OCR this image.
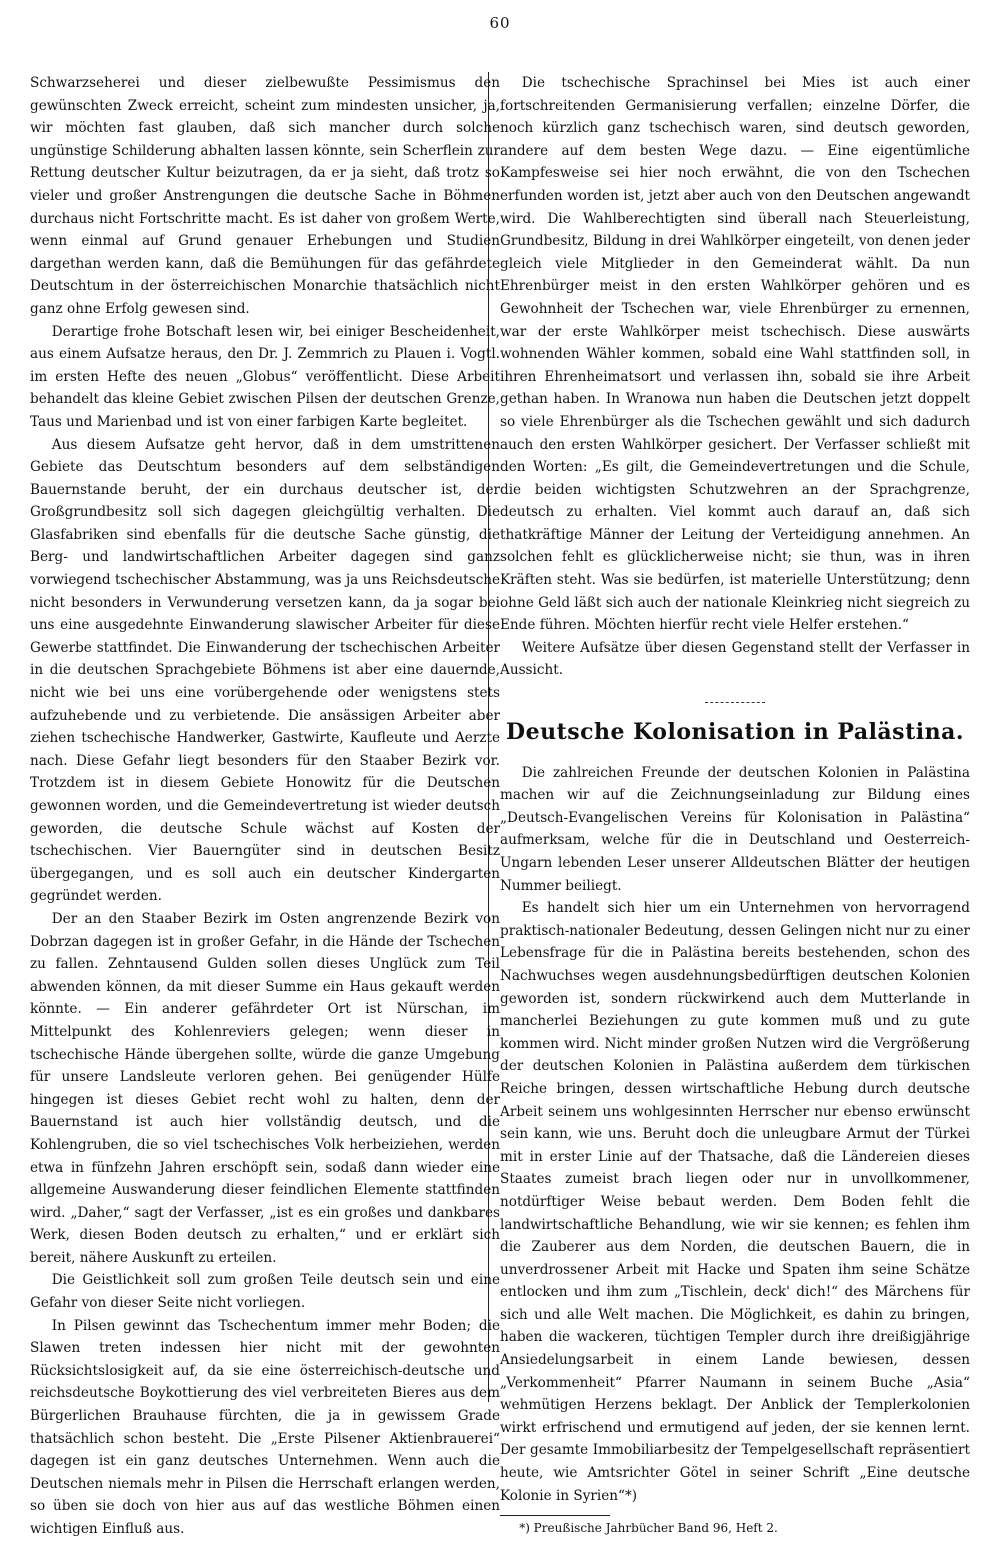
60

Schwarzseherei und dieser zielbewußte Pessimismus den gewünschten Zweck erreicht, scheint zum mindesten unsicher, ja, wir möchten fast glauben, daß sich mancher durch solche ungünstige Schilderung abhalten lassen könnte, sein Scherflein zur Rettung deutscher Kultur beizutragen, da er ja sieht, daß trotz so vieler und großer Anstrengungen die deutsche Sache in Böhmen durchaus nicht Fortschritte macht. Es ist daher von großem Werte, wenn einmal auf Grund genauer Erhebungen und Studien dargethan werden kann, daß die Bemühungen für das gefährdete Deutschtum in der österreichischen Monarchie thatsächlich nicht ganz ohne Erfolg gewesen sind.

Derartige frohe Botschaft lesen wir, bei einiger Bescheidenheit, aus einem Aufsatze heraus, den Dr. J. Zemmrich zu Plauen i. Vogtl. im ersten Hefte des neuen „Globus“ veröffentlicht. Diese Arbeit behandelt das kleine Gebiet zwischen Pilsen der deutschen Grenze, Taus und Marienbad und ist von einer farbigen Karte begleitet.

Aus diesem Aufsatze geht hervor, daß in dem umstrittenen Gebiete das Deutschtum besonders auf dem selbständigen Bauernstande beruht, der ein durchaus deutscher ist, der Großgrundbesitz soll sich dagegen gleichgültig verhalten. Die Glasfabriken sind ebenfalls für die deutsche Sache günstig, die Berg- und landwirtschaftlichen Arbeiter dagegen sind ganz vorwiegend tschechischer Abstammung, was ja uns Reichsdeutsche nicht besonders in Verwunderung versetzen kann, da ja sogar bei uns eine ausgedehnte Einwanderung slawischer Arbeiter für diese Gewerbe stattfindet. Die Einwanderung der tschechischen Arbeiter in die deutschen Sprachgebiete Böhmens ist aber eine dauernde, nicht wie bei uns eine vorübergehende oder wenigstens stets aufzuhebende und zu verbietende. Die ansässigen Arbeiter aber ziehen tschechische Handwerker, Gastwirte, Kaufleute und Aerzte nach. Diese Gefahr liegt besonders für den Staaber Bezirk vor. Trotzdem ist in diesem Gebiete Honowitz für die Deutschen gewonnen worden, und die Gemeindevertretung ist wieder deutsch geworden, die deutsche Schule wächst auf Kosten der tschechischen. Vier Bauerngüter sind in deutschen Besitz übergegangen, und es soll auch ein deutscher Kindergarten gegründet werden.

Der an den Staaber Bezirk im Osten angrenzende Bezirk von Dobrzan dagegen ist in großer Gefahr, in die Hände der Tschechen zu fallen. Zehntausend Gulden sollen dieses Unglück zum Teil abwenden können, da mit dieser Summe ein Haus gekauft werden könnte. — Ein anderer gefährdeter Ort ist Nürschan, im Mittelpunkt des Kohlenreviers gelegen; wenn dieser in tschechische Hände übergehen sollte, würde die ganze Umgebung für unsere Landsleute verloren gehen. Bei genügender Hülfe hingegen ist dieses Gebiet recht wohl zu halten, denn der Bauernstand ist auch hier vollständig deutsch, und die Kohlengruben, die so viel tschechisches Volk herbeiziehen, werden etwa in fünfzehn Jahren erschöpft sein, sodaß dann wieder eine allgemeine Auswanderung dieser feindlichen Elemente stattfinden wird. „Daher,“ sagt der Verfasser, „ist es ein großes und dankbares Werk, diesen Boden deutsch zu erhalten,“ und er erklärt sich bereit, nähere Auskunft zu erteilen.

Die Geistlichkeit soll zum großen Teile deutsch sein und eine Gefahr von dieser Seite nicht vorliegen.

In Pilsen gewinnt das Tschechentum immer mehr Boden; die Slawen treten indessen hier nicht mit der gewohnten Rücksichtslosigkeit auf, da sie eine österreichisch-deutsche und reichsdeutsche Boykottierung des viel verbreiteten Bieres aus dem Bürgerlichen Brauhause fürchten, die ja in gewissem Grade thatsächlich schon besteht. Die „Erste Pilsener Aktienbrauerei“ dagegen ist ein ganz deutsches Unternehmen. Wenn auch die Deutschen niemals mehr in Pilsen die Herrschaft erlangen werden, so üben sie doch von hier aus auf das westliche Böhmen einen wichtigen Einfluß aus.

Die tschechische Sprachinsel bei Mies ist auch einer fortschreitenden Germanisierung verfallen; einzelne Dörfer, die noch kürzlich ganz tschechisch waren, sind deutsch geworden, andere auf dem besten Wege dazu. — Eine eigentümliche Kampfesweise sei hier noch erwähnt, die von den Tschechen erfunden worden ist, jetzt aber auch von den Deutschen angewandt wird. Die Wahlberechtigten sind überall nach Steuerleistung, Grundbesitz, Bildung in drei Wahlkörper eingeteilt, von denen jeder gleich viele Mitglieder in den Gemeinderat wählt. Da nun Ehrenbürger meist in den ersten Wahlkörper gehören und es Gewohnheit der Tschechen war, viele Ehrenbürger zu ernennen, war der erste Wahlkörper meist tschechisch. Diese auswärts wohnenden Wähler kommen, sobald eine Wahl stattfinden soll, in ihren Ehrenheimatsort und verlassen ihn, sobald sie ihre Arbeit gethan haben. In Wranowa nun haben die Deutschen jetzt doppelt so viele Ehrenbürger als die Tschechen gewählt und sich dadurch auch den ersten Wahlkörper gesichert. Der Verfasser schließt mit den Worten: „Es gilt, die Gemeindevertretungen und die Schule, die beiden wichtigsten Schutzwehren an der Sprachgrenze, deutsch zu erhalten. Viel kommt auch darauf an, daß sich thatkräftige Männer der Leitung der Verteidigung annehmen. An solchen fehlt es glücklicherweise nicht; sie thun, was in ihren Kräften steht. Was sie bedürfen, ist materielle Unterstützung; denn ohne Geld läßt sich auch der nationale Kleinkrieg nicht siegreich zu Ende führen. Möchten hierfür recht viele Helfer erstehen.“

Weitere Aufsätze über diesen Gegenstand stellt der Verfasser in Aussicht.

Deutsche Kolonisation in Palästina.

Die zahlreichen Freunde der deutschen Kolonien in Palästina machen wir auf die Zeichnungseinladung zur Bildung eines „Deutsch-Evangelischen Vereins für Kolonisation in Palästina“ aufmerksam, welche für die in Deutschland und Oesterreich-Ungarn lebenden Leser unserer Alldeutschen Blätter der heutigen Nummer beiliegt.

Es handelt sich hier um ein Unternehmen von hervorragend praktisch-nationaler Bedeutung, dessen Gelingen nicht nur zu einer Lebensfrage für die in Palästina bereits bestehenden, schon des Nachwuchses wegen ausdehnungsbedürftigen deutschen Kolonien geworden ist, sondern rückwirkend auch dem Mutterlande in mancherlei Beziehungen zu gute kommen muß und zu gute kommen wird. Nicht minder großen Nutzen wird die Vergrößerung der deutschen Kolonien in Palästina außerdem dem türkischen Reiche bringen, dessen wirtschaftliche Hebung durch deutsche Arbeit seinem uns wohlgesinnten Herrscher nur ebenso erwünscht sein kann, wie uns. Beruht doch die unleugbare Armut der Türkei mit in erster Linie auf der Thatsache, daß die Ländereien dieses Staates zumeist brach liegen oder nur in unvollkommener, notdürftiger Weise bebaut werden. Dem Boden fehlt die landwirtschaftliche Behandlung, wie wir sie kennen; es fehlen ihm die Zauberer aus dem Norden, die deutschen Bauern, die in unverdrossener Arbeit mit Hacke und Spaten ihm seine Schätze entlocken und ihm zum „Tischlein, deck' dich!“ des Märchens für sich und alle Welt machen. Die Möglichkeit, es dahin zu bringen, haben die wackeren, tüchtigen Templer durch ihre dreißigjährige Ansiedelungsarbeit in einem Lande bewiesen, dessen „Verkommenheit“ Pfarrer Naumann in seinem Buche „Asia“ wehmütigen Herzens beklagt. Der Anblick der Templerkolonien wirkt erfrischend und ermutigend auf jeden, der sie kennen lernt. Der gesamte Immobiliarbesitz der Tempelgesellschaft repräsentiert heute, wie Amtsrichter Götel in seiner Schrift „Eine deutsche Kolonie in Syrien“*)

*) Preußische Jahrbücher Band 96, Heft 2.
